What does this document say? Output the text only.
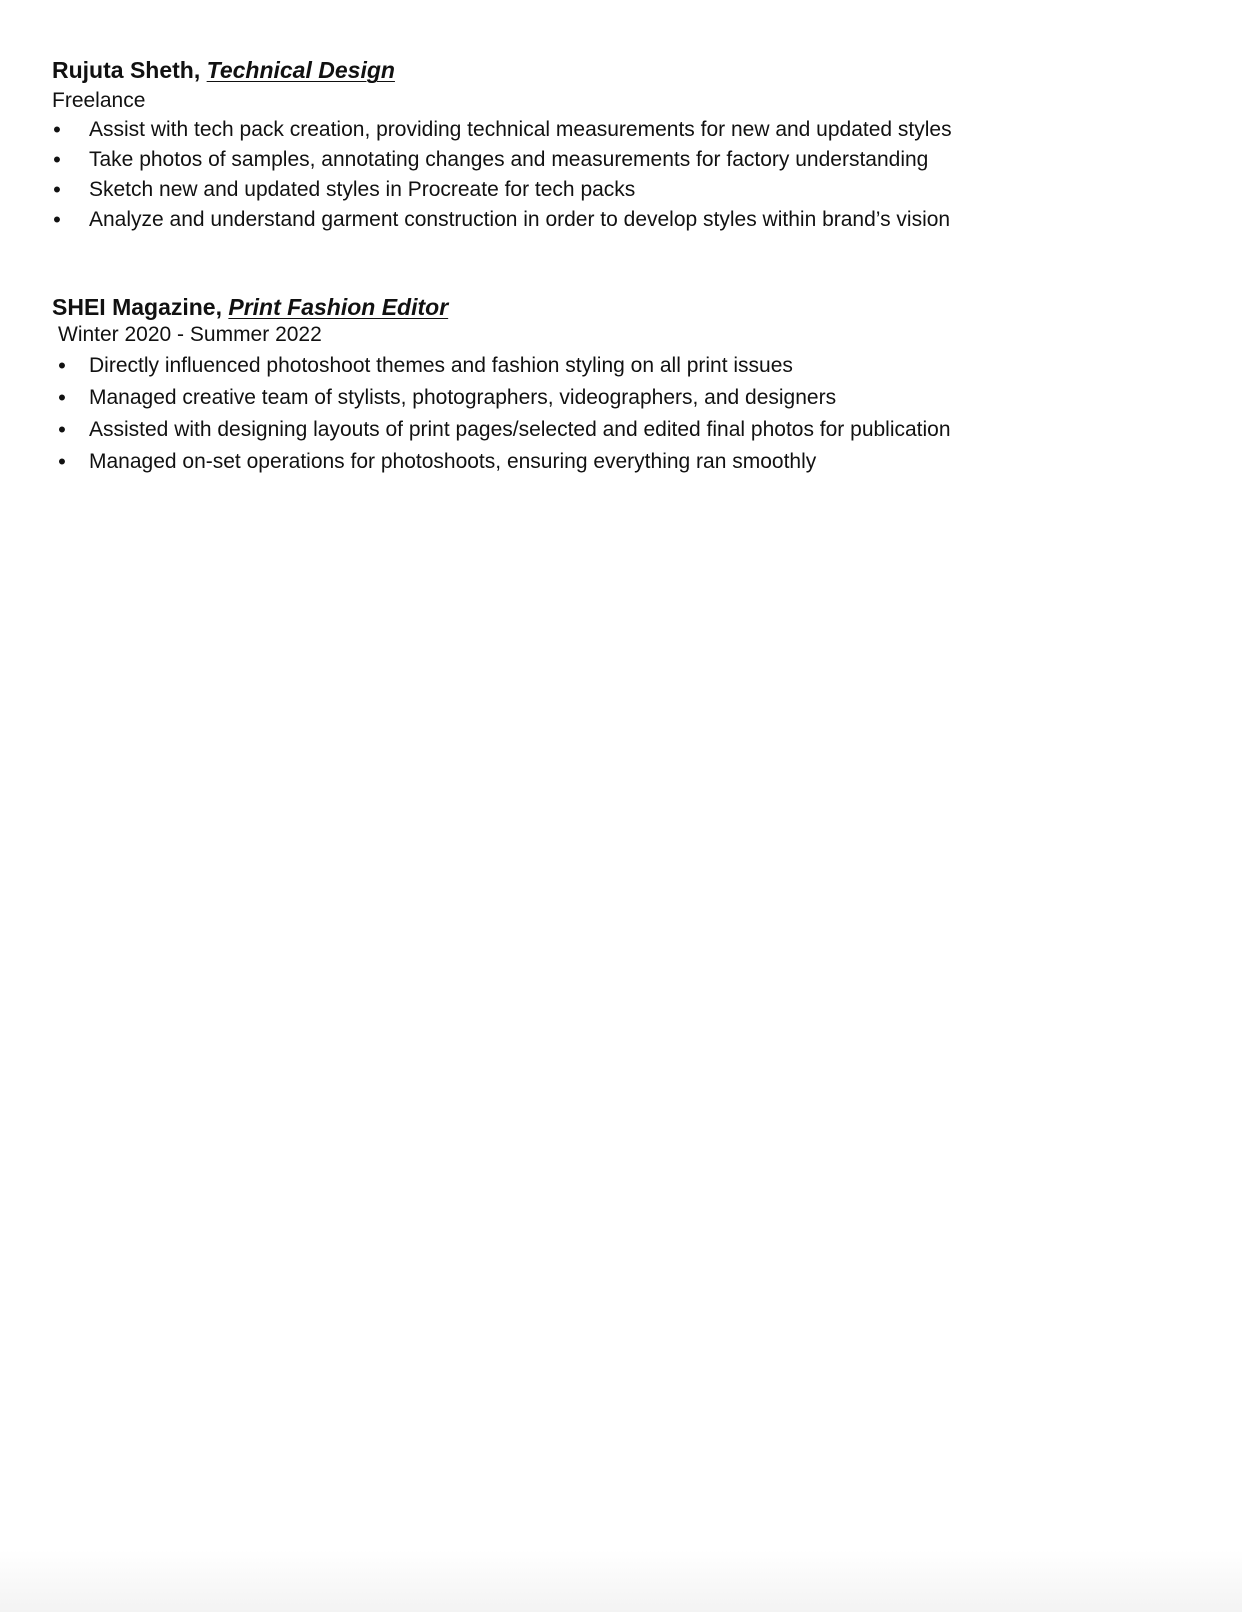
Rujuta Sheth, Technical Design

Freelance

• Assist with tech pack creation, providing technical measurements for new and updated styles
• Take photos of samples, annotating changes and measurements for factory understanding
• Sketch new and updated styles in Procreate for tech packs
• Analyze and understand garment construction in order to develop styles within brand’s vision
SHEI Magazine, Print Fashion Editor

Winter 2020 - Summer 2022

• Directly influenced photoshoot themes and fashion styling on all print issues
• Managed creative team of stylists, photographers, videographers, and designers
• Assisted with designing layouts of print pages/selected and edited final photos for publication
• Managed on-set operations for photoshoots, ensuring everything ran smoothly
